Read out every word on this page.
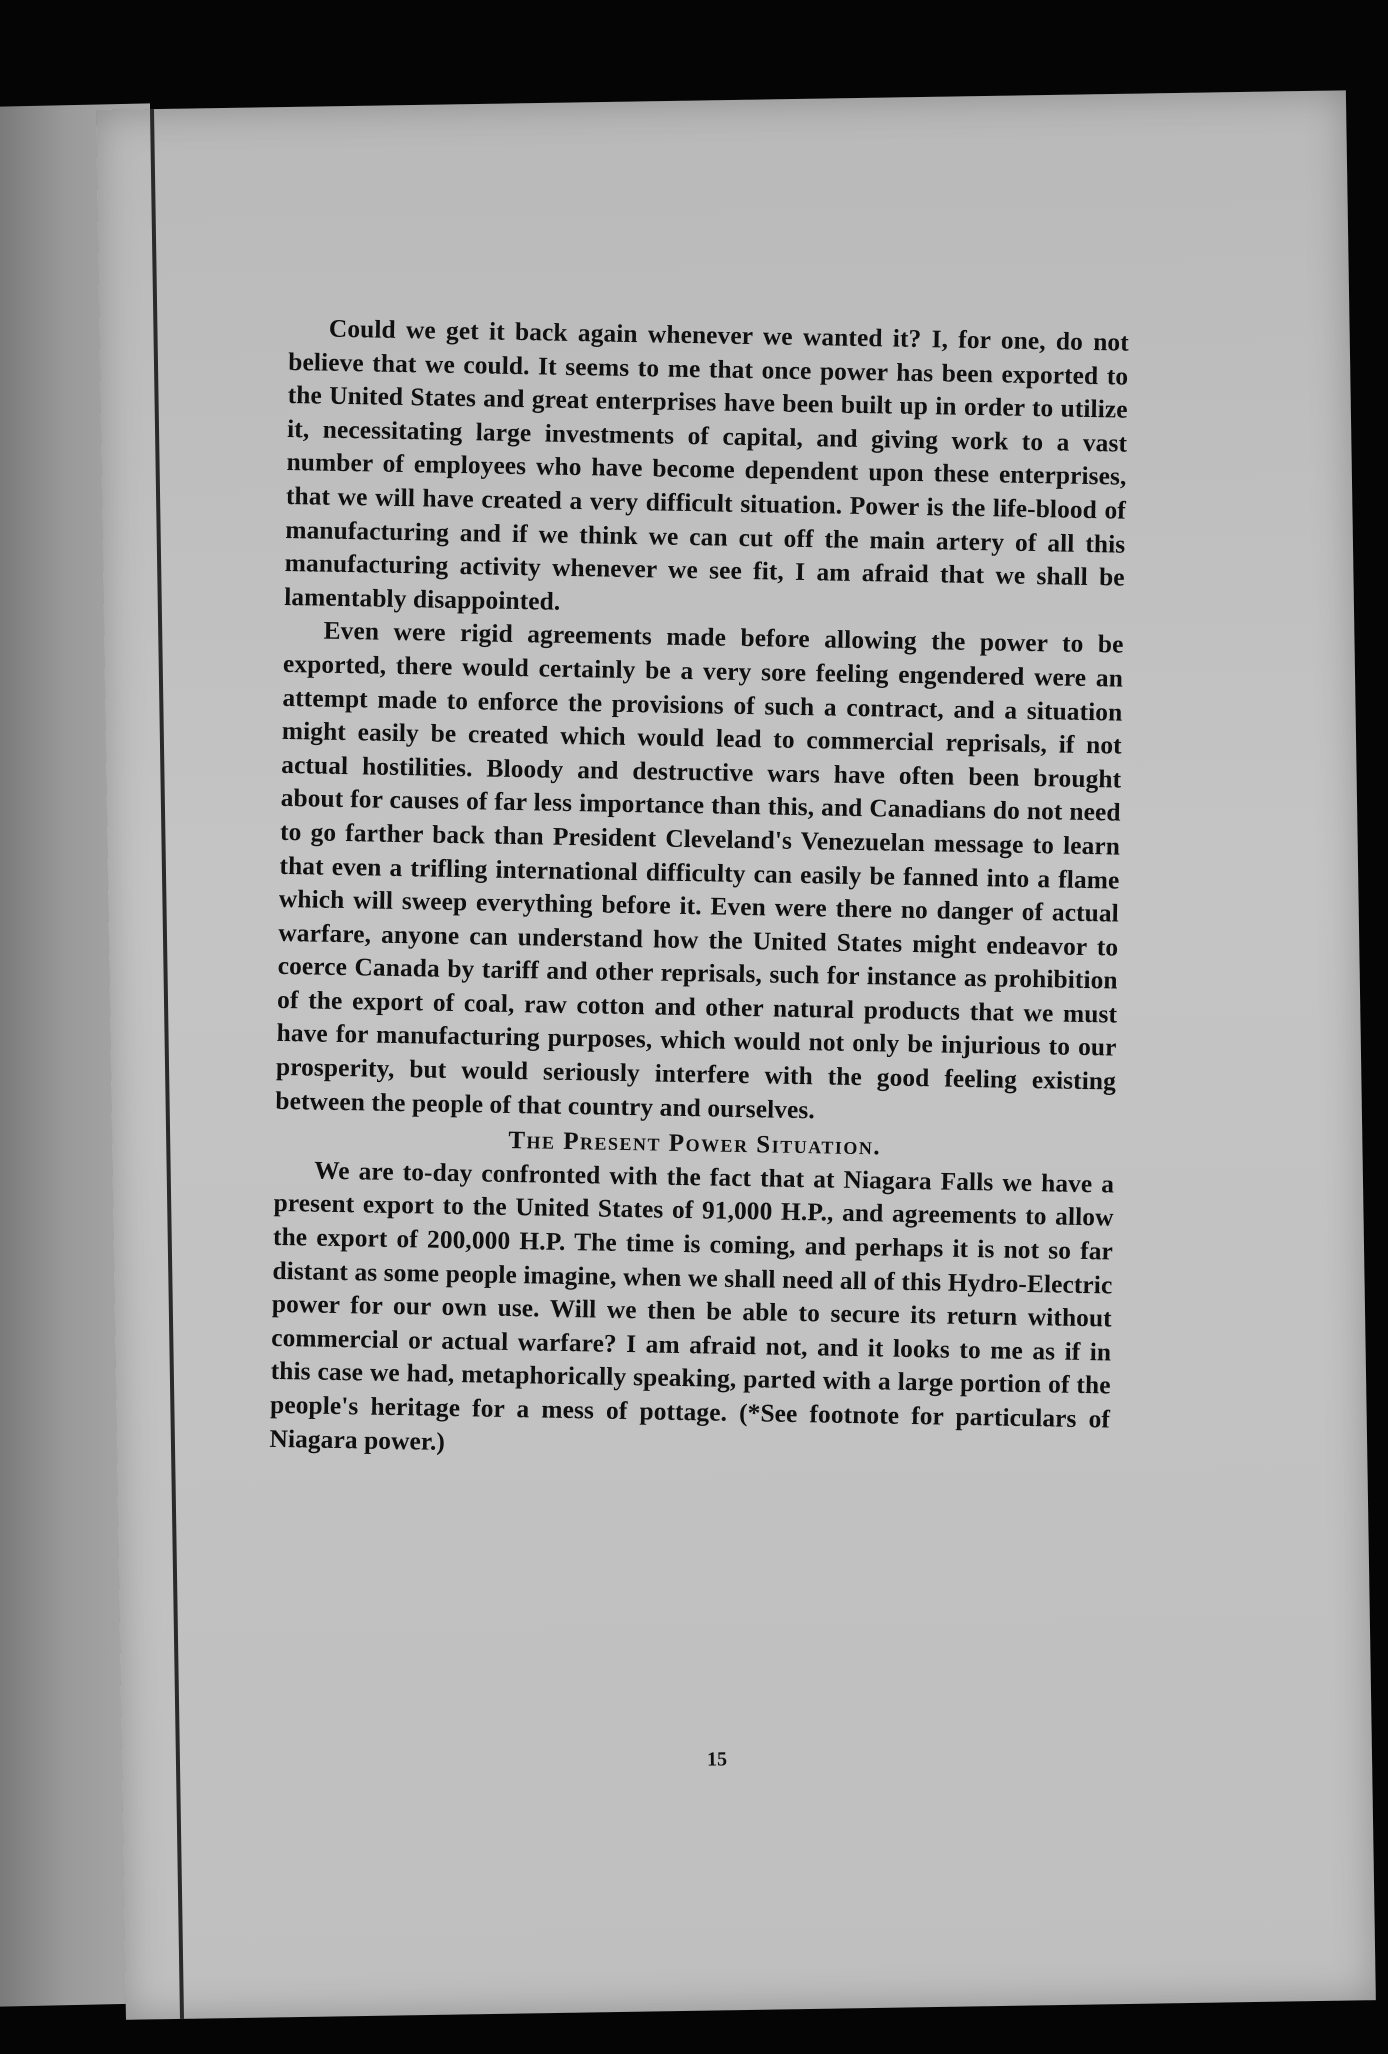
Could we get it back again whenever we wanted it? I, for one, do not believe that we could. It seems to me that once power has been exported to the United States and great enterprises have been built up in order to utilize it, necessitating large investments of capital, and giving work to a vast number of employees who have become dependent upon these enterprises, that we will have created a very difficult situation. Power is the life-blood of manufacturing and if we think we can cut off the main artery of all this manufacturing activity whenever we see fit, I am afraid that we shall be lamentably disappointed.

Even were rigid agreements made before allowing the power to be exported, there would certainly be a very sore feeling engendered were an attempt made to enforce the provisions of such a contract, and a situation might easily be created which would lead to commercial reprisals, if not actual hostilities. Bloody and destructive wars have often been brought about for causes of far less importance than this, and Canadians do not need to go farther back than President Cleveland's Venezuelan message to learn that even a trifling international difficulty can easily be fanned into a flame which will sweep everything before it. Even were there no danger of actual warfare, anyone can understand how the United States might endeavor to coerce Canada by tariff and other reprisals, such for instance as prohibition of the export of coal, raw cotton and other natural products that we must have for manufacturing purposes, which would not only be injurious to our prosperity, but would seriously interfere with the good feeling existing between the people of that country and ourselves.

The Present Power Situation.

We are to-day confronted with the fact that at Niagara Falls we have a present export to the United States of 91,000 H.P., and agreements to allow the export of 200,000 H.P. The time is coming, and perhaps it is not so far distant as some people imagine, when we shall need all of this Hydro-Electric power for our own use. Will we then be able to secure its return without commercial or actual warfare? I am afraid not, and it looks to me as if in this case we had, metaphorically speaking, parted with a large portion of the people's heritage for a mess of pottage. (*See footnote for particulars of Niagara power.)

15
